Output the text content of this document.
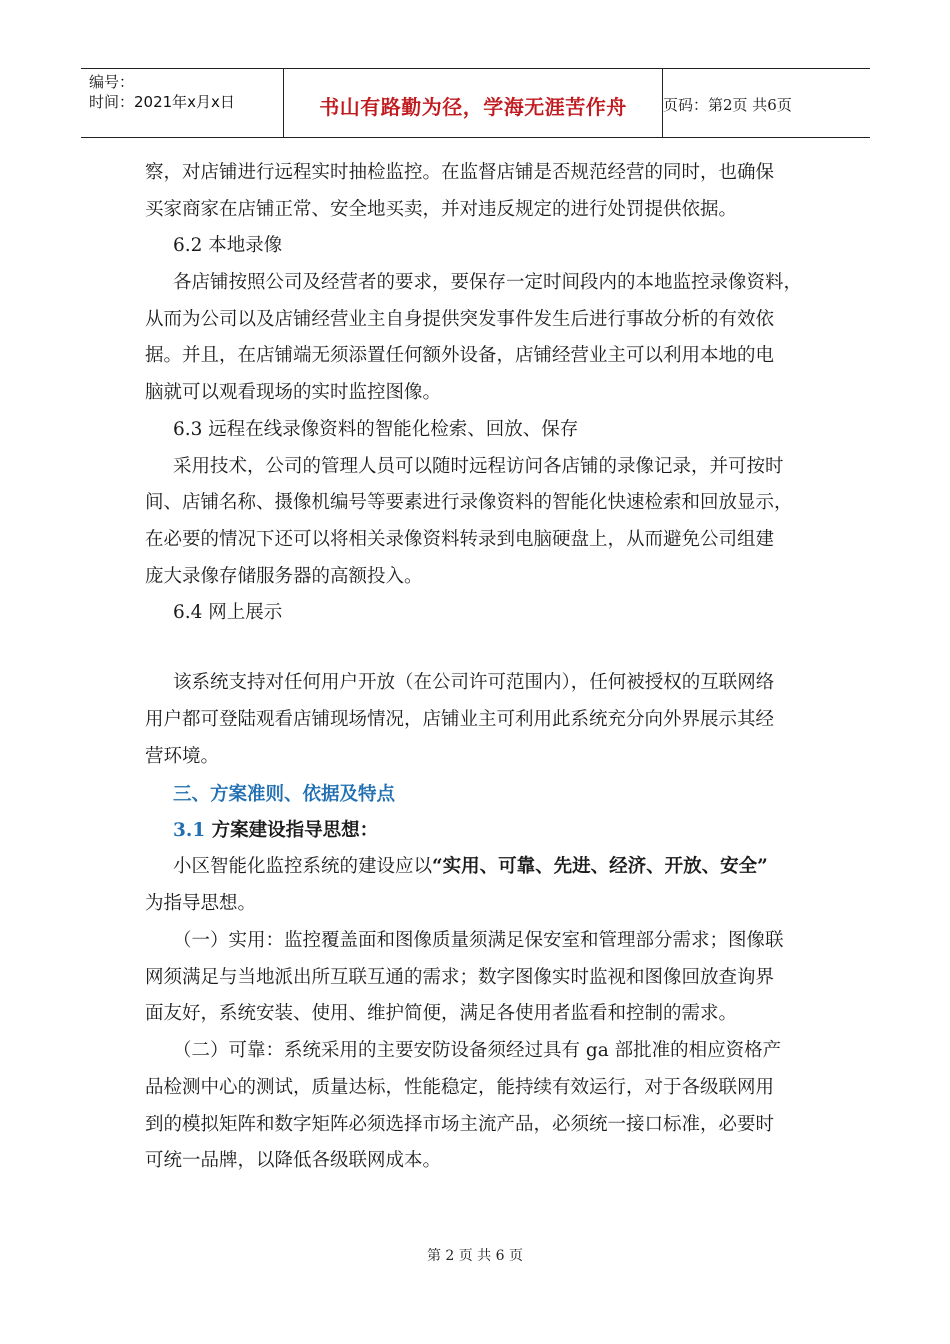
编号：
时间：2021年x月x日	书山有路勤为径，学海无涯苦作舟	页码：第2页 共6页
察，对店铺进行远程实时抽检监控。在监督店铺是否规范经营的同时，也确保
买家商家在店铺正常、安全地买卖，并对违反规定的进行处罚提供依据。
6.2 本地录像
各店铺按照公司及经营者的要求，要保存一定时间段内的本地监控录像资料，
从而为公司以及店铺经营业主自身提供突发事件发生后进行事故分析的有效依
据。并且，在店铺端无须添置任何额外设备，店铺经营业主可以利用本地的电
脑就可以观看现场的实时监控图像。
6.3 远程在线录像资料的智能化检索、回放、保存
采用技术，公司的管理人员可以随时远程访问各店铺的录像记录，并可按时
间、店铺名称、摄像机编号等要素进行录像资料的智能化快速检索和回放显示，
在必要的情况下还可以将相关录像资料转录到电脑硬盘上，从而避免公司组建
庞大录像存储服务器的高额投入。
6.4 网上展示
该系统支持对任何用户开放（在公司许可范围内），任何被授权的互联网络
用户都可登陆观看店铺现场情况，店铺业主可利用此系统充分向外界展示其经
营环境。
三、方案准则、依据及特点
3.1 方案建设指导思想：
小区智能化监控系统的建设应以“实用、可靠、先进、经济、开放、安全”
为指导思想。
（一）实用：监控覆盖面和图像质量须满足保安室和管理部分需求；图像联
网须满足与当地派出所互联互通的需求；数字图像实时监视和图像回放查询界
面友好，系统安装、使用、维护简便，满足各使用者监看和控制的需求。
（二）可靠：系统采用的主要安防设备须经过具有 ga 部批准的相应资格产
品检测中心的测试，质量达标，性能稳定，能持续有效运行，对于各级联网用
到的模拟矩阵和数字矩阵必须选择市场主流产品，必须统一接口标准，必要时
可统一品牌，以降低各级联网成本。
第 2 页 共 6 页
